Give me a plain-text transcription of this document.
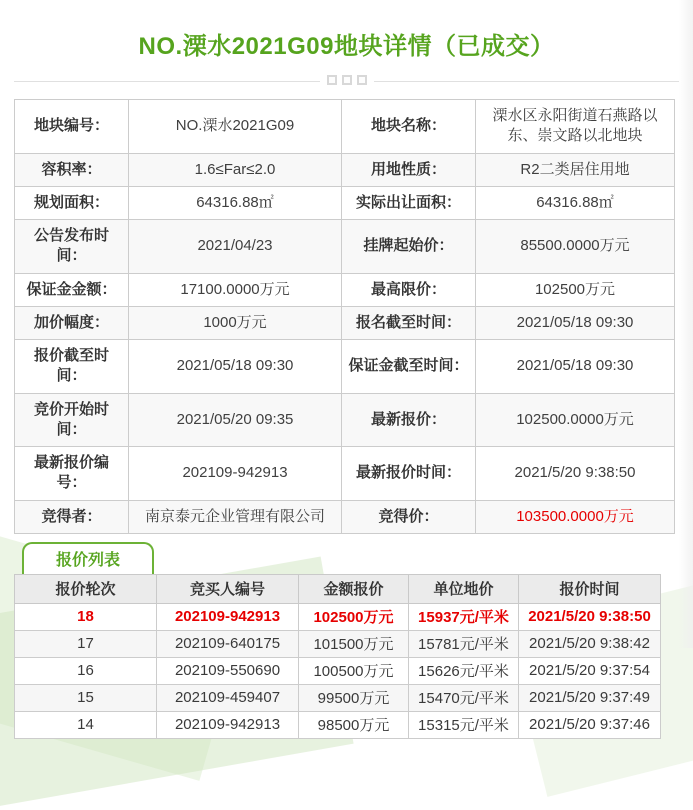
NO.溧水2021G09地块详情（已成交）
地块编号：	NO.溧水2021G09	地块名称：	溧水区永阳街道石燕路以东、崇文路以北地块
容积率：	1.6≤Far≤2.0	用地性质：	R2二类居住用地
规划面积：	64316.88㎡	实际出让面积：	64316.88㎡
公告发布时间：	2021/04/23	挂牌起始价：	85500.0000万元
保证金金额：	17100.0000万元	最高限价：	102500万元
加价幅度：	1000万元	报名截至时间：	2021/05/18 09:30
报价截至时间：	2021/05/18 09:30	保证金截至时间：	2021/05/18 09:30
竞价开始时间：	2021/05/20 09:35	最新报价：	102500.0000万元
最新报价编号：	202109-942913	最新报价时间：	2021/5/20 9:38:50
竞得者：	南京泰元企业管理有限公司	竞得价：	103500.0000万元
报价列表
报价轮次	竞买人编号	金额报价	单位地价	报价时间
18	202109-942913	102500万元	15937元/平米	2021/5/20 9:38:50
17	202109-640175	101500万元	15781元/平米	2021/5/20 9:38:42
16	202109-550690	100500万元	15626元/平米	2021/5/20 9:37:54
15	202109-459407	99500万元	15470元/平米	2021/5/20 9:37:49
14	202109-942913	98500万元	15315元/平米	2021/5/20 9:37:46
